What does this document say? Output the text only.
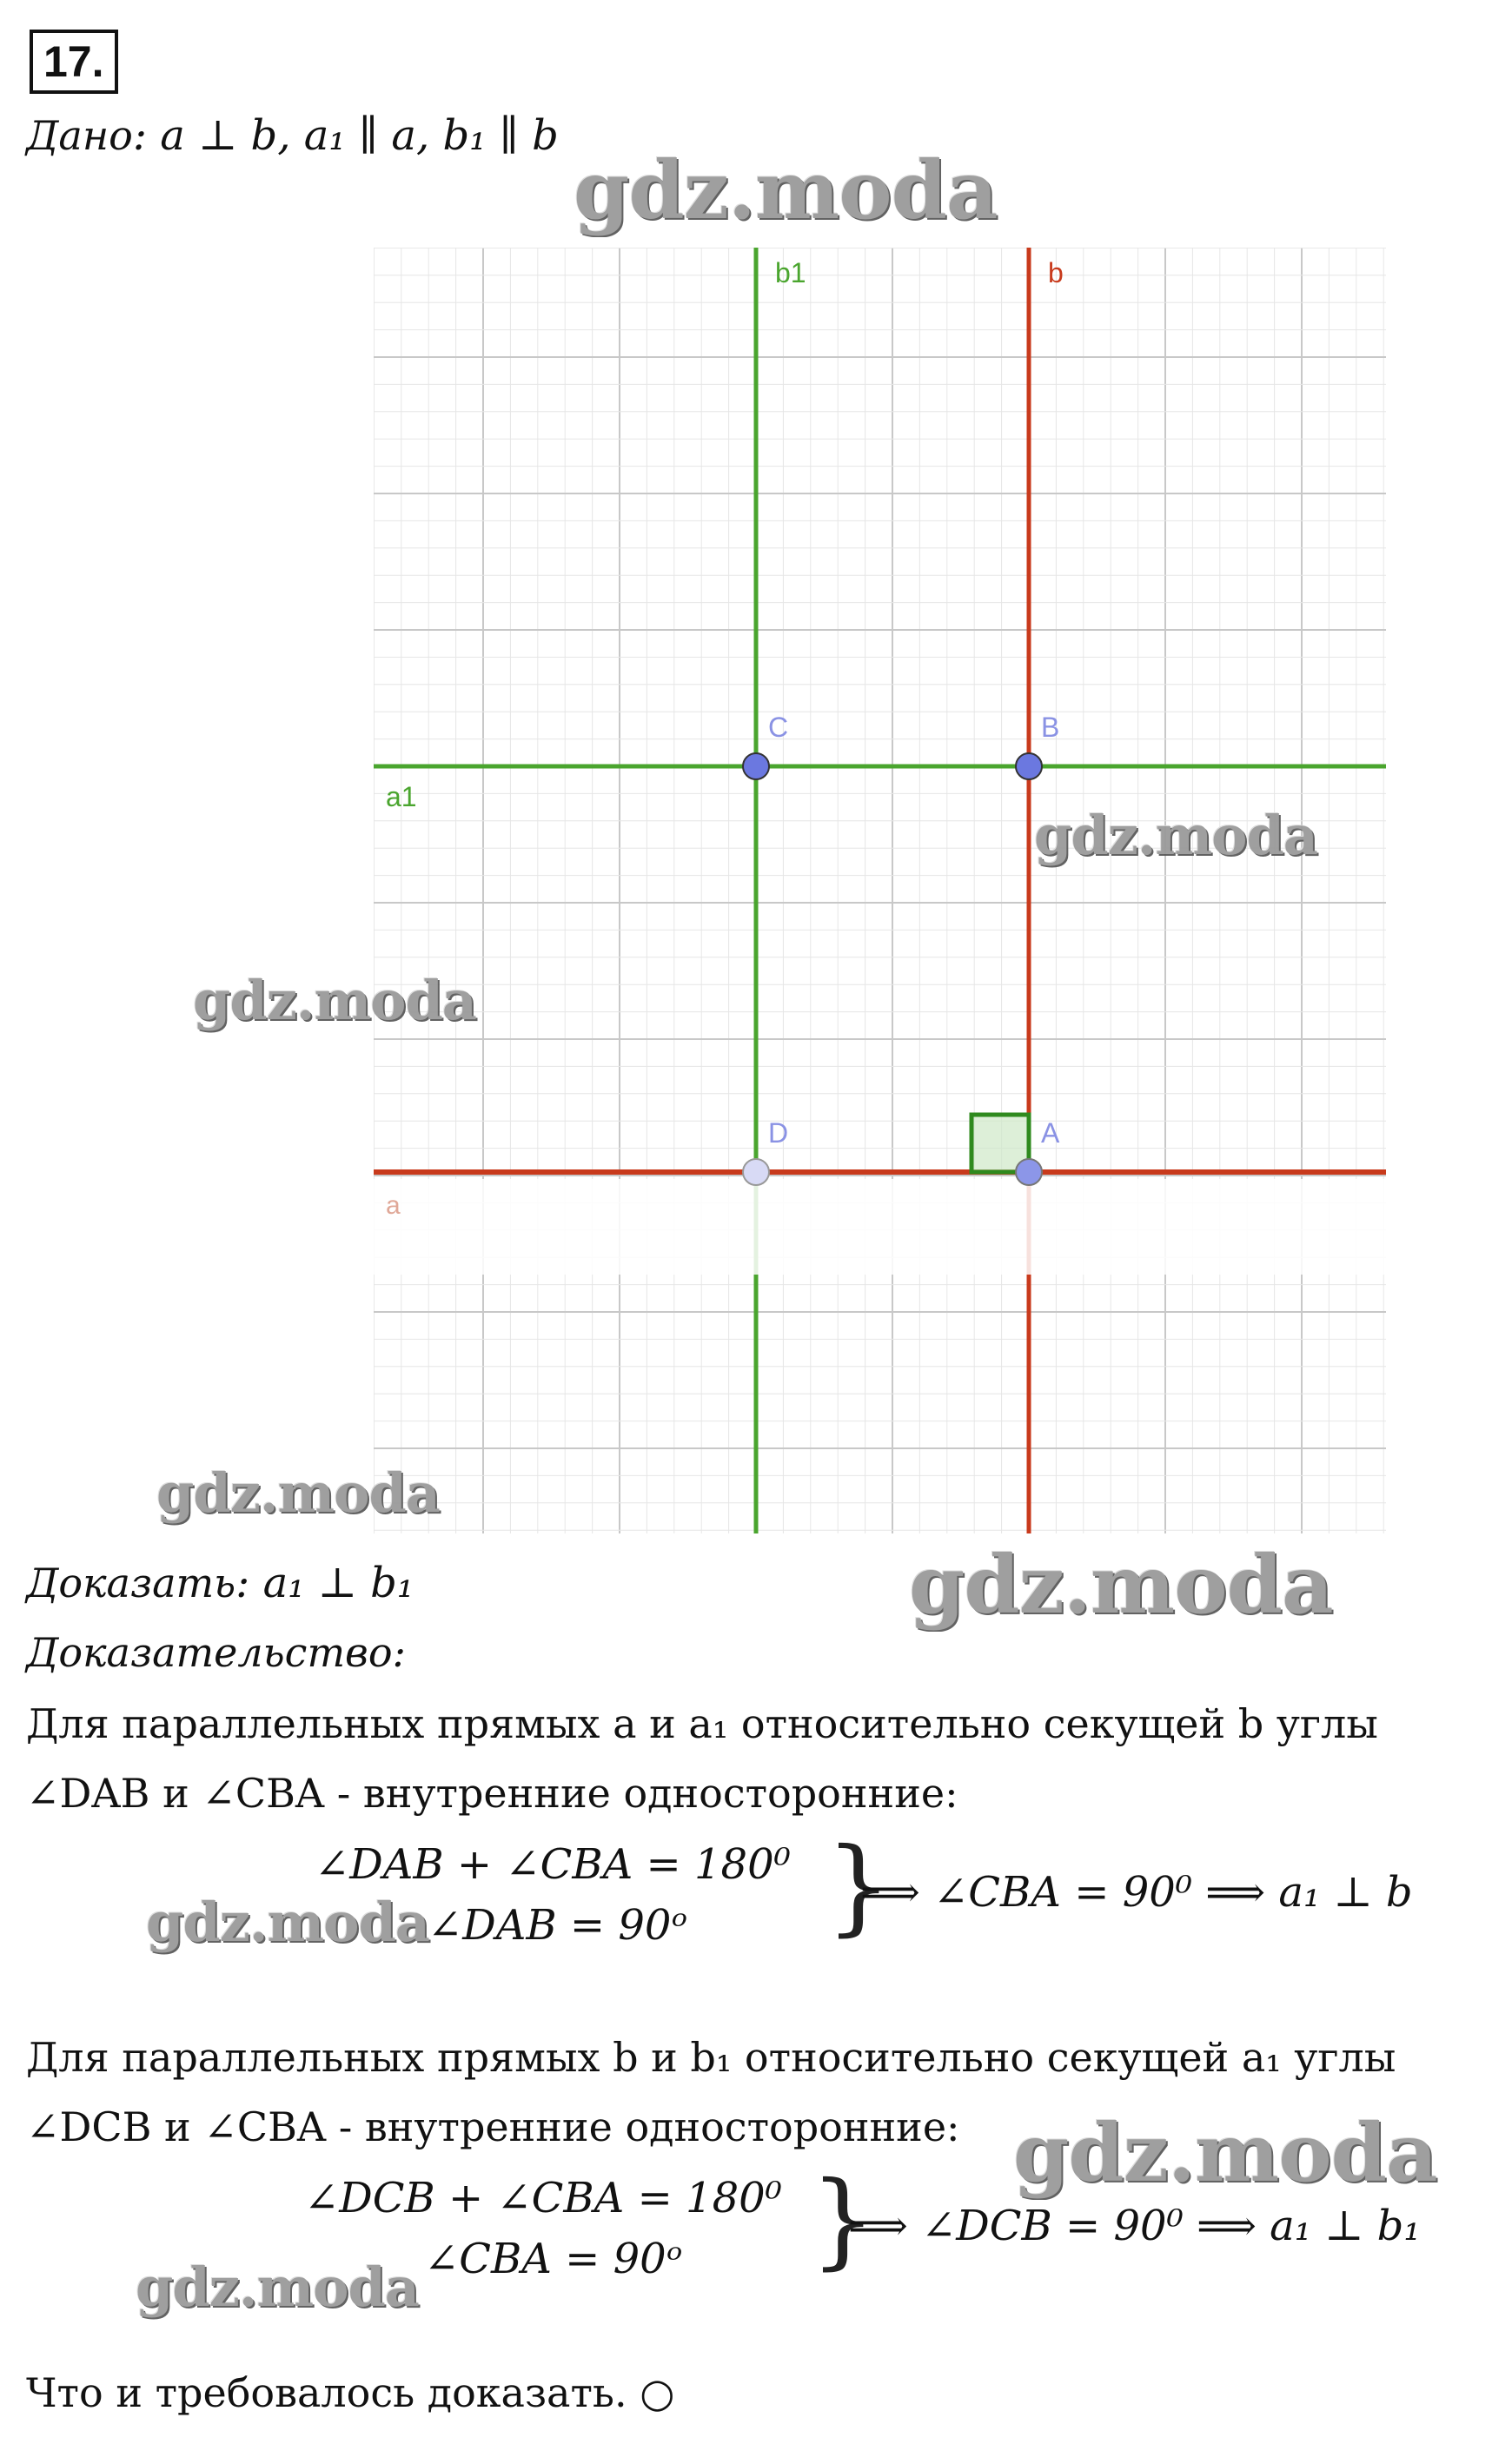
17.
Дано: a ⊥ b, a₁ ∥ a, b₁ ∥ b
b1	b
a1
a
C	B
D	A
Доказать: a₁ ⊥ b₁
Доказательство:
Для параллельных прямых a и a₁ относительно секущей b углы
∠DAB и ∠CBA - внутренние односторонние:
∠DAB + ∠CBA = 180⁰
∠DAB = 90ᵒ }
⟹ ∠CBA = 90⁰ ⟹ a₁ ⊥ b
Для параллельных прямых b и b₁ относительно секущей a₁ углы
∠DCB и ∠CBA - внутренние односторонние:
∠DCB + ∠CBA = 180⁰
∠CBA = 90ᵒ }
⟹ ∠DCB = 90⁰ ⟹ a₁ ⊥ b₁
Что и требовалось доказать. ○
gdz.moda
gdz.moda
gdz.moda
gdz.moda
gdz.moda
gdz.moda
gdz.moda
gdz.moda
